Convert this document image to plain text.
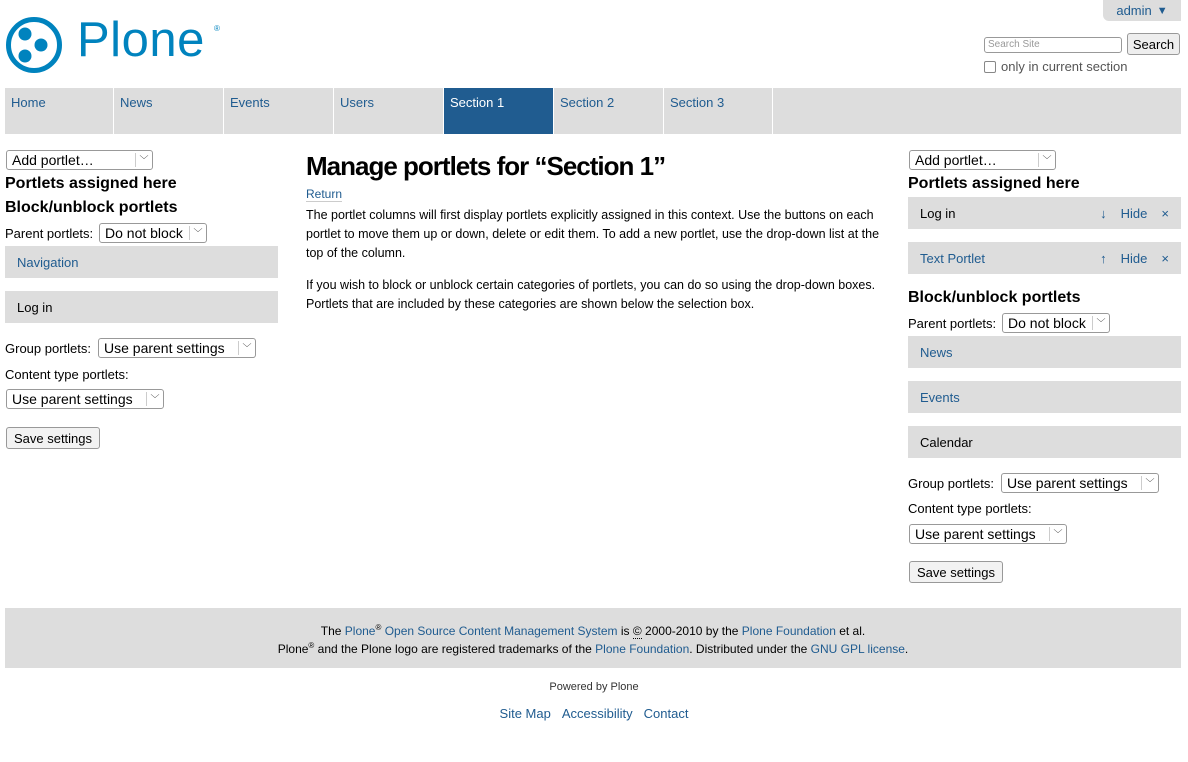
admin ▼
Plone ®
Search Site	Search
only in current section
Home	News	Events	Users	Section 1	Section 2	Section 3
Add portlet…	﹀
Portlets assigned here
Block/unblock portlets
Parent portlets: Do not block	﹀
Navigation
Log in
Group portlets: Use parent settings	﹀
Content type portlets:
Use parent settings	﹀
Save settings
Manage portlets for “Section 1”
Return
The portlet columns will first display portlets explicitly assigned in this context. Use the buttons on each portlet to move them up or down, delete or edit them. To add a new portlet, use the drop-down list at the top of the column.
If you wish to block or unblock certain categories of portlets, you can do so using the drop-down boxes. Portlets that are included by these categories are shown below the selection box.
Add portlet…	﹀
Portlets assigned here
Log in	↓ Hide ×
Text Portlet	↑ Hide ×
Block/unblock portlets
Parent portlets: Do not block	﹀
News
Events
Calendar
Group portlets: Use parent settings	﹀
Content type portlets:
Use parent settings	﹀
Save settings
The Plone® Open Source Content Management System is © 2000-2010 by the Plone Foundation et al.
Plone® and the Plone logo are registered trademarks of the Plone Foundation. Distributed under the GNU GPL license.
Powered by Plone
Site Map Accessibility Contact
